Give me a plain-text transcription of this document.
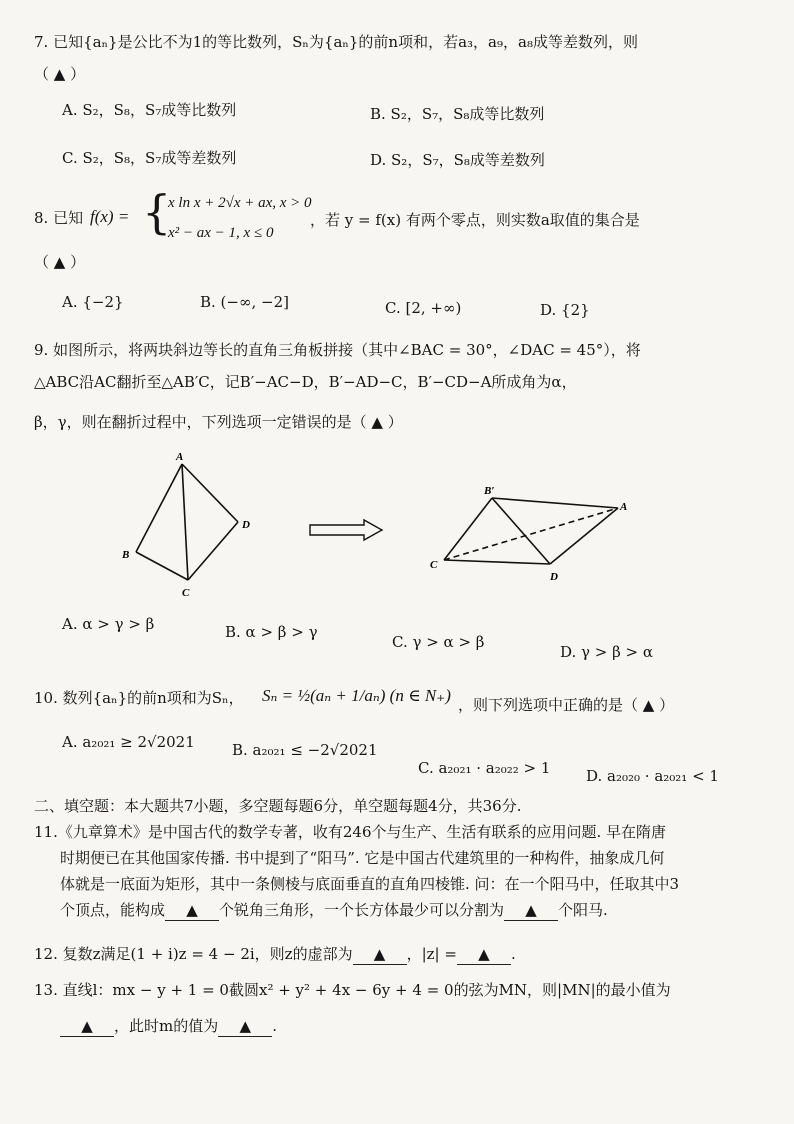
7. 已知{aₙ}是公比不为1的等比数列，Sₙ为{aₙ}的前n项和，若a₃，a₉，a₈成等差数列，则
（ ▲ ）
A. S₂，S₈，S₇成等比数列	B. S₂，S₇，S₈成等比数列
C. S₂，S₈，S₇成等差数列	D. S₂，S₇，S₈成等差数列
8. 已知 f(x) = {
x ln x + 2√x + ax, x > 0
x² − ax − 1, x ≤ 0
，若 y = f(x) 有两个零点，则实数a取值的集合是
（ ▲ ）
A. {−2}	B. (−∞, −2]	C. [2, +∞)	D. {2}
9. 如图所示，将两块斜边等长的直角三角板拼接（其中∠BAC = 30°，∠DAC = 45°），将
△ABC沿AC翻折至△AB′C，记B′−AC−D，B′−AD−C，B′−CD−A所成角为α，
β，γ，则在翻折过程中，下列选项一定错误的是（ ▲ ）
A
B
C
D
B′
A
C
D
A. α > γ > β	B. α > β > γ
C. γ > α > β
D. γ > β > α
10. 数列{aₙ}的前n项和为Sₙ， Sₙ = ½(aₙ + 1/aₙ) (n ∈ N₊) ，则下列选项中正确的是（ ▲ ）
A. a₂₀₂₁ ≥ 2√2021 B. a₂₀₂₁ ≤ −2√2021
C. a₂₀₂₁ · a₂₀₂₂ > 1 D. a₂₀₂₀ · a₂₀₂₁ < 1
二、填空题：本大题共7小题，多空题每题6分，单空题每题4分，共36分.
11.《九章算术》是中国古代的数学专著，收有246个与生产、生活有联系的应用问题. 早在隋唐
时期便已在其他国家传播. 书中提到了“阳马”. 它是中国古代建筑里的一种构件，抽象成几何
体就是一底面为矩形，其中一条侧棱与底面垂直的直角四棱锥. 问：在一个阳马中，任取其中3
个顶点，能构成 ▲ 个锐角三角形，一个长方体最少可以分割为 ▲ 个阳马.
12. 复数z满足(1 + i)z = 4 − 2i，则z的虚部为 ▲ ，|z| = ▲ .
13. 直线l：mx − y + 1 = 0截圆x² + y² + 4x − 6y + 4 = 0的弦为MN，则|MN|的最小值为
▲ ，此时m的值为 ▲ .
